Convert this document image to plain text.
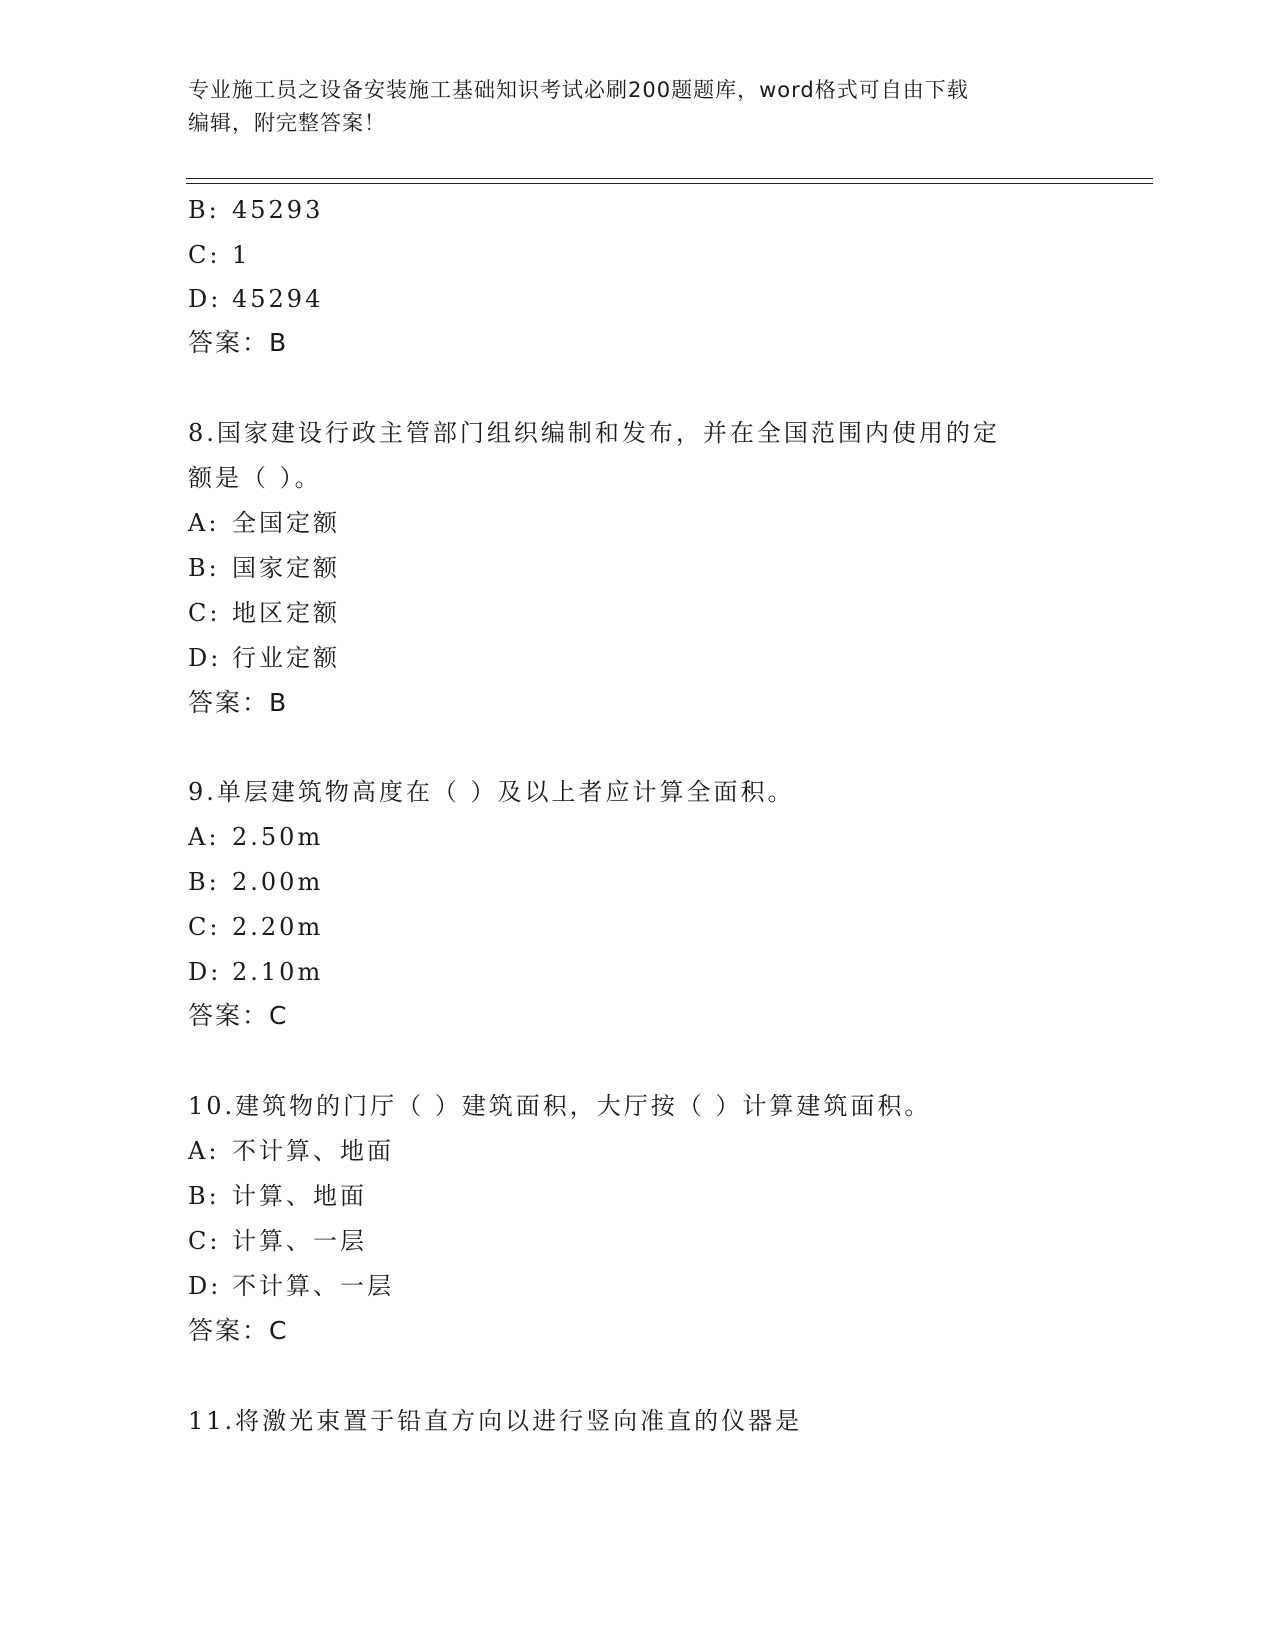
专业施工员之设备安装施工基础知识考试必刷200题题库，word格式可自由下载
编辑，附完整答案！
B: 45293
C: 1
D: 45294
答案：B
8.国家建设行政主管部门组织编制和发布，并在全国范围内使用的定
额是（ ）。
A: 全国定额
B: 国家定额
C: 地区定额
D: 行业定额
答案：B
9.单层建筑物高度在（ ）及以上者应计算全面积。
A: 2.50m
B: 2.00m
C: 2.20m
D: 2.10m
答案：C
10.建筑物的门厅（ ）建筑面积，大厅按（ ）计算建筑面积。
A: 不计算、地面
B: 计算、地面
C: 计算、一层
D: 不计算、一层
答案：C
11.将激光束置于铅直方向以进行竖向准直的仪器是
